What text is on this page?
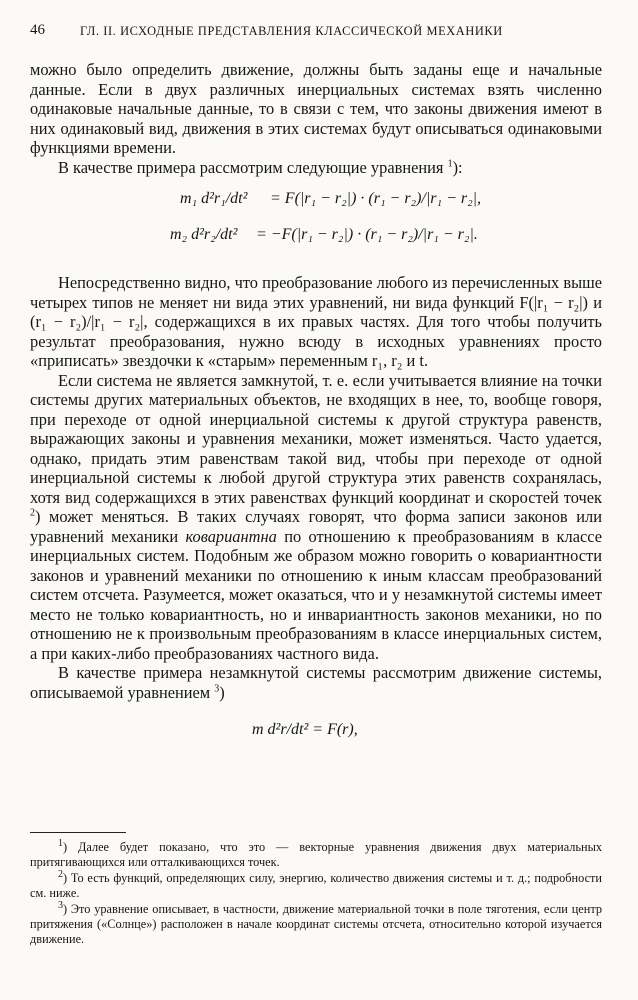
46	ГЛ. II. ИСХОДНЫЕ ПРЕДСТАВЛЕНИЯ КЛАССИЧЕСКОЙ МЕХАНИКИ

можно было определить движение, должны быть заданы еще и начальные данные. Если в двух различных инерциальных системах взять численно одинаковые начальные данные, то в связи с тем, что законы движения имеют в них одинаковый вид, движения в этих системах будут описываться одинаковыми функциями времени.

В качестве примера рассмотрим следующие уравнения $^1$):

m₁ d²r₁/dt² = F(|r₁ − r₂|) · (r₁ − r₂)/|r₁ − r₂|,
m₂ d²r₂/dt² = −F(|r₁ − r₂|) · (r₁ − r₂)/|r₁ − r₂|.

Непосредственно видно, что преобразование любого из перечисленных выше четырех типов не меняет ни вида этих уравнений, ни вида функций F(|r₁ − r₂|) и (r₁ − r₂)/|r₁ − r₂|, содержащихся в их правых частях. Для того чтобы получить результат преобразования, нужно всюду в исходных уравнениях просто «приписать» звездочки к «старым» переменным r₁, r₂ и t.

Если система не является замкнутой, т. е. если учитывается влияние на точки системы других материальных объектов, не входящих в нее, то, вообще говоря, при переходе от одной инерциальной системы к другой структура равенств, выражающих законы и уравнения механики, может изменяться. Часто удается, однако, придать этим равенствам такой вид, чтобы при переходе от одной инерциальной системы к любой другой структура этих равенств сохранялась, хотя вид содержащихся в этих равенствах функций координат и скоростей точек $^2$) может меняться. В таких случаях говорят, что форма записи законов или уравнений механики ковариантна по отношению к преобразованиям в классе инерциальных систем. Подобным же образом можно говорить о ковариантности законов и уравнений механики по отношению к иным классам преобразований систем отсчета. Разумеется, может оказаться, что и у незамкнутой системы имеет место не только ковариантность, но и инвариантность законов механики, но по отношению не к произвольным преобразованиям в классе инерциальных систем, а при каких-либо преобразованиях частного вида.

В качестве примера незамкнутой системы рассмотрим движение системы, описываемой уравнением $^3$)

m d²r/dt² = F(r),

$^1$) Далее будет показано, что это — векторные уравнения движения двух материальных притягивающихся или отталкивающихся точек.

$^2$) То есть функций, определяющих силу, энергию, количество движения системы и т. д.; подробности см. ниже.

$^3$) Это уравнение описывает, в частности, движение материальной точки в поле тяготения, если центр притяжения («Солнце») расположен в начале координат системы отсчета, относительно которой изучается движение.
